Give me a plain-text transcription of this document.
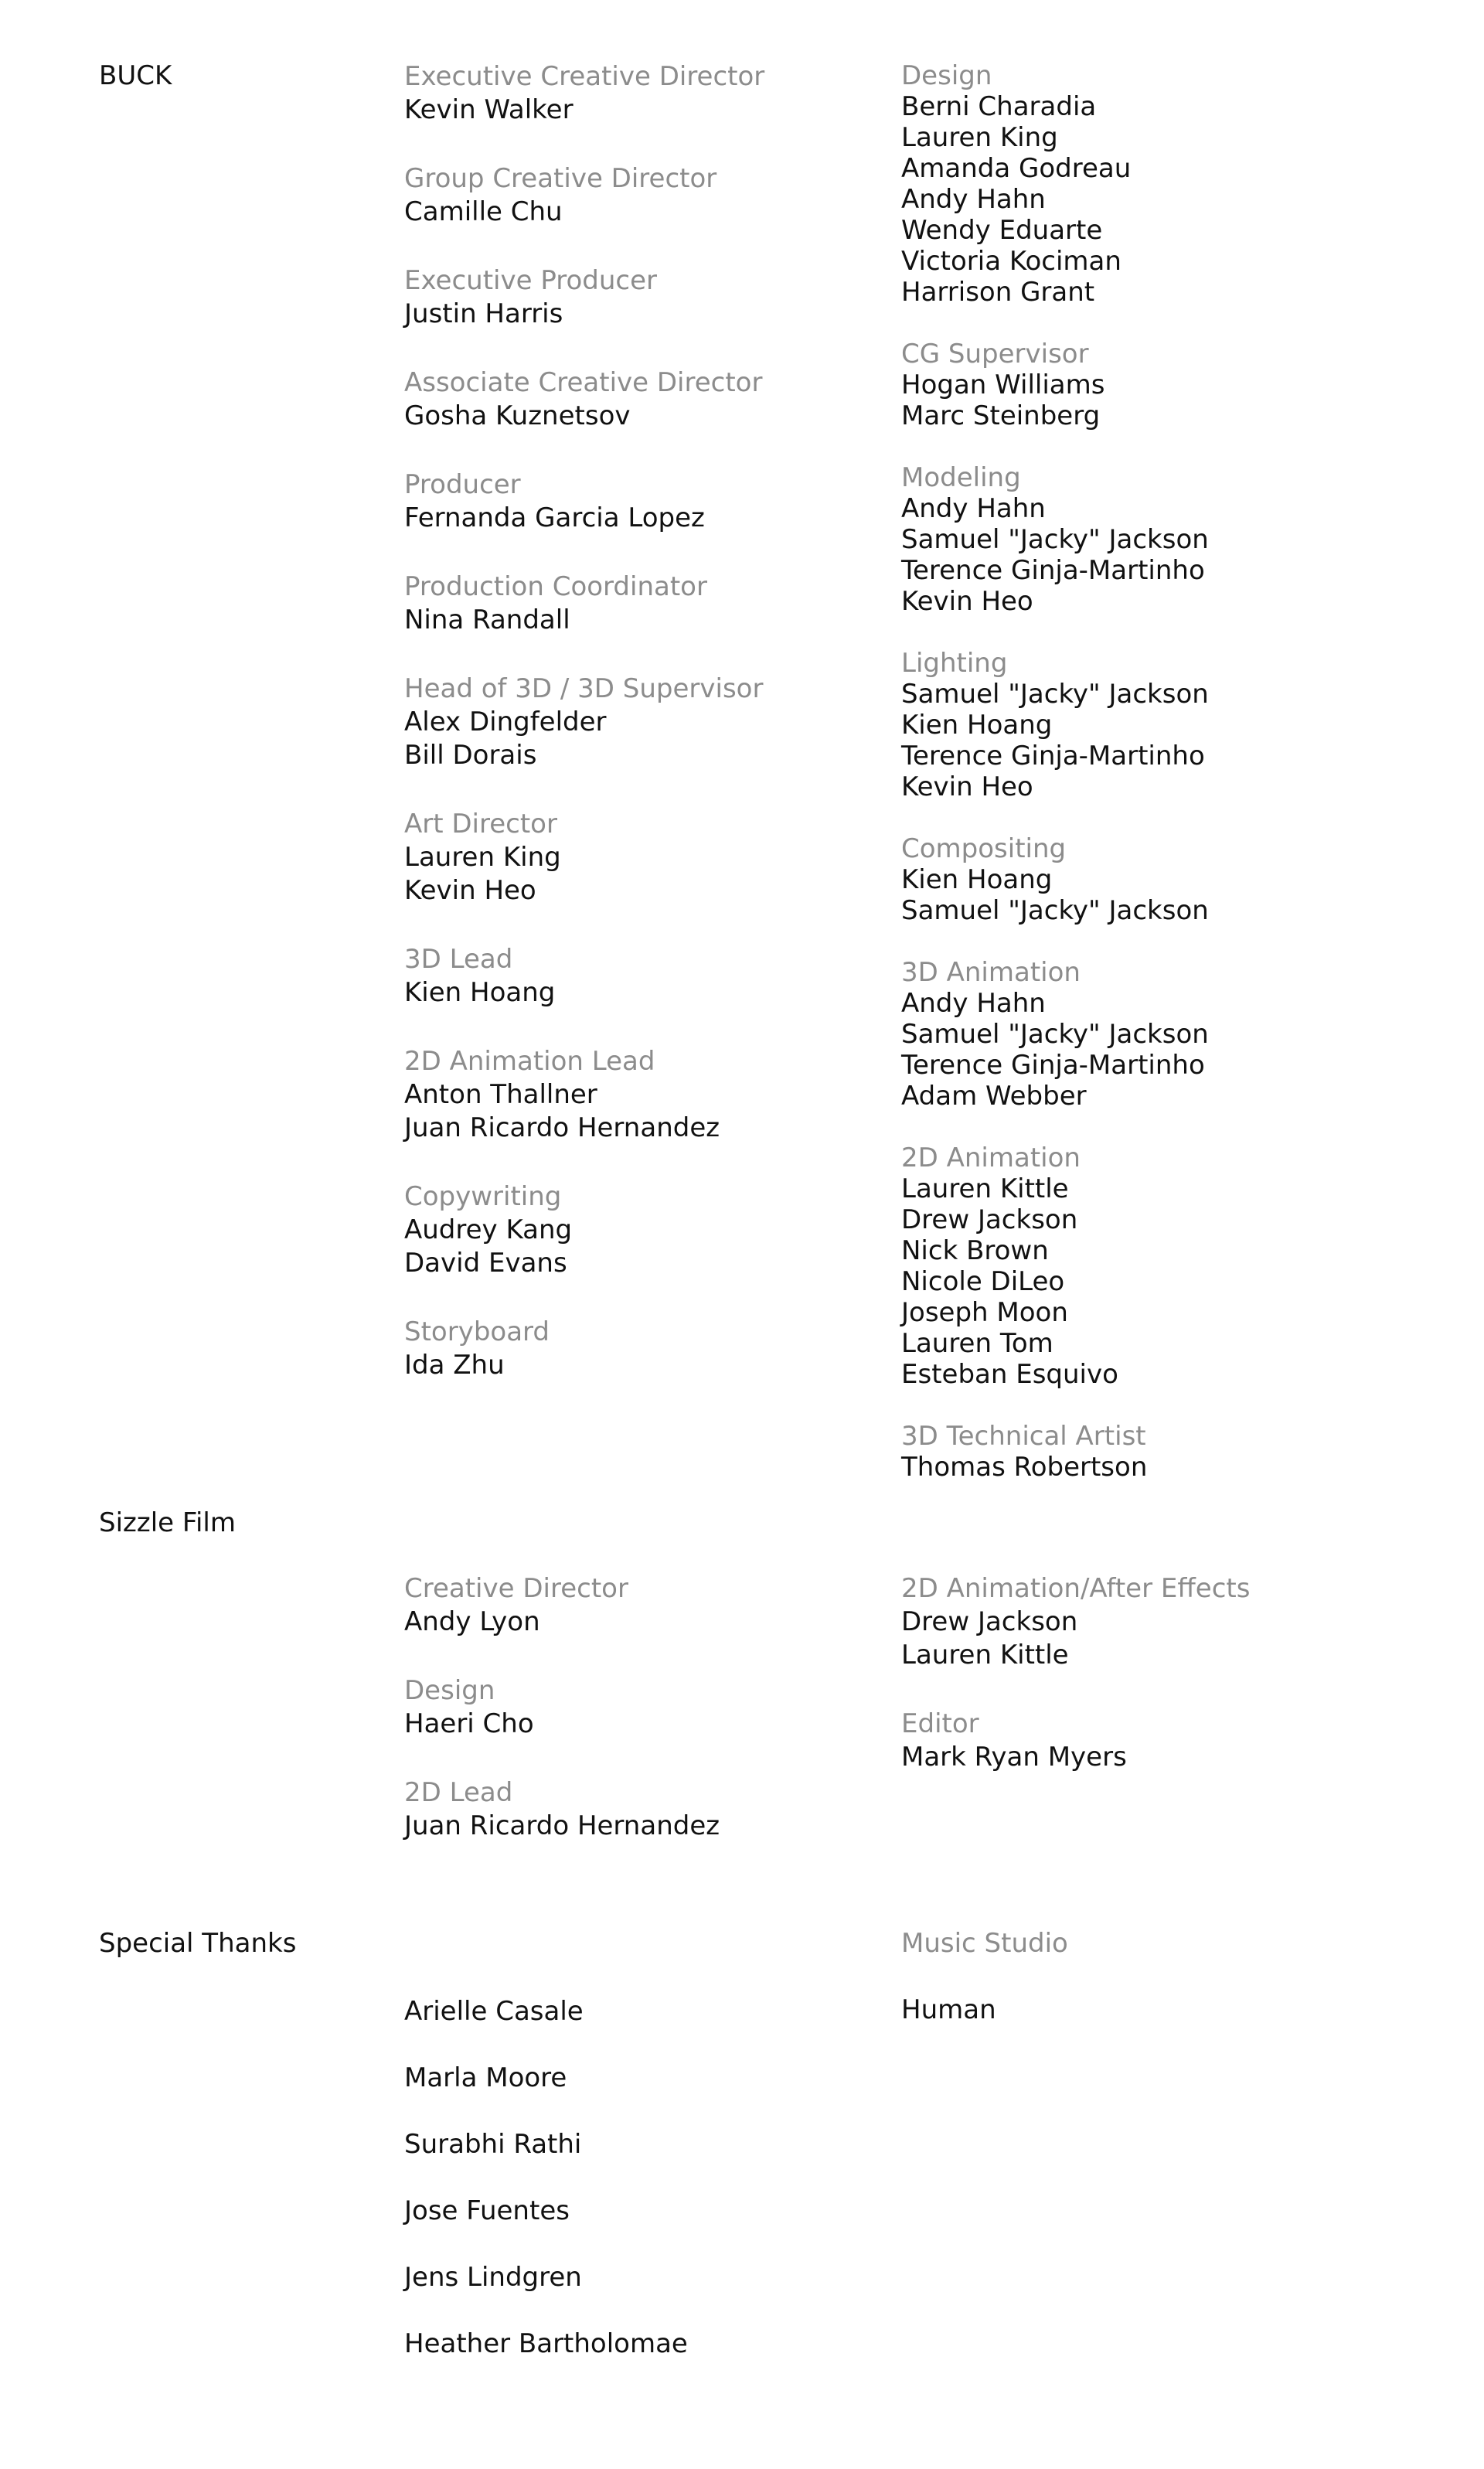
BUCK	Executive Creative Director
Kevin Walker
Group Creative Director
Camille Chu
Executive Producer
Justin Harris
Associate Creative Director
Gosha Kuznetsov
Producer
Fernanda Garcia Lopez
Production Coordinator
Nina Randall
Head of 3D / 3D Supervisor
Alex Dingfelder
Bill Dorais
Art Director
Lauren King
Kevin Heo
3D Lead
Kien Hoang
2D Animation Lead
Anton Thallner
Juan Ricardo Hernandez
Copywriting
Audrey Kang
David Evans
Storyboard
Ida Zhu
Design
Berni Charadia
Lauren King
Amanda Godreau
Andy Hahn
Wendy Eduarte
Victoria Kociman
Harrison Grant
CG Supervisor
Hogan Williams
Marc Steinberg
Modeling
Andy Hahn
Samuel "Jacky" Jackson
Terence Ginja-Martinho
Kevin Heo
Lighting
Samuel "Jacky" Jackson
Kien Hoang
Terence Ginja-Martinho
Kevin Heo
Compositing
Kien Hoang
Samuel "Jacky" Jackson
3D Animation
Andy Hahn
Samuel "Jacky" Jackson
Terence Ginja-Martinho
Adam Webber
2D Animation
Lauren Kittle
Drew Jackson
Nick Brown
Nicole DiLeo
Joseph Moon
Lauren Tom
Esteban Esquivo
3D Technical Artist
Thomas Robertson
Sizzle Film
Creative Director
Andy Lyon
Design
Haeri Cho
2D Lead
Juan Ricardo Hernandez
2D Animation/After Effects
Drew Jackson
Lauren Kittle
Editor
Mark Ryan Myers
Special Thanks
Arielle Casale
Marla Moore
Surabhi Rathi
Jose Fuentes
Jens Lindgren
Heather Bartholomae
Music Studio
Human
